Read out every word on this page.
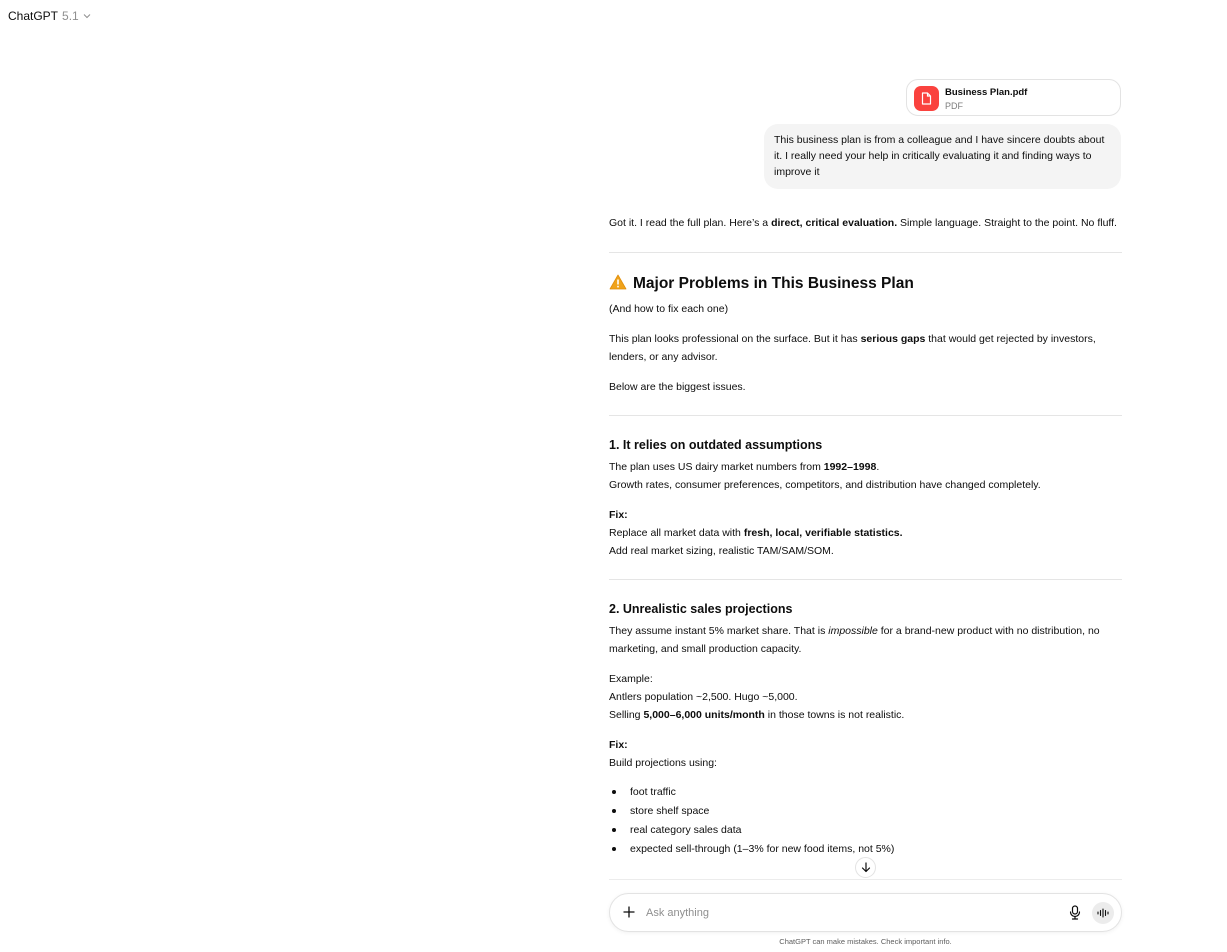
ChatGPT 5.1
Business Plan.pdf
PDF
This business plan is from a colleague and I have sincere doubts about it. I really need your help in critically evaluating it and finding ways to improve it

Got it. I read the full plan. Here’s a direct, critical evaluation. Simple language. Straight to the point. No fluff.

Major Problems in This Business Plan

(And how to fix each one)

This plan looks professional on the surface. But it has serious gaps that would get rejected by investors, lenders, or any advisor.

Below are the biggest issues.

1. It relies on outdated assumptions

The plan uses US dairy market numbers from 1992–1998.

Growth rates, consumer preferences, competitors, and distribution have changed completely.

Fix:

Replace all market data with fresh, local, verifiable statistics.

Add real market sizing, realistic TAM/SAM/SOM.

2. Unrealistic sales projections

They assume instant 5% market share. That is impossible for a brand-new product with no distribution, no marketing, and small production capacity.

Example:

Antlers population ~2,500. Hugo ~5,000.

Selling 5,000–6,000 units/month in those towns is not realistic.

Fix:

Build projections using:

foot traffic
store shelf space
real category sales data
expected sell-through (1–3% for new food items, not 5%)
Ask anything
ChatGPT can make mistakes. Check important info.
